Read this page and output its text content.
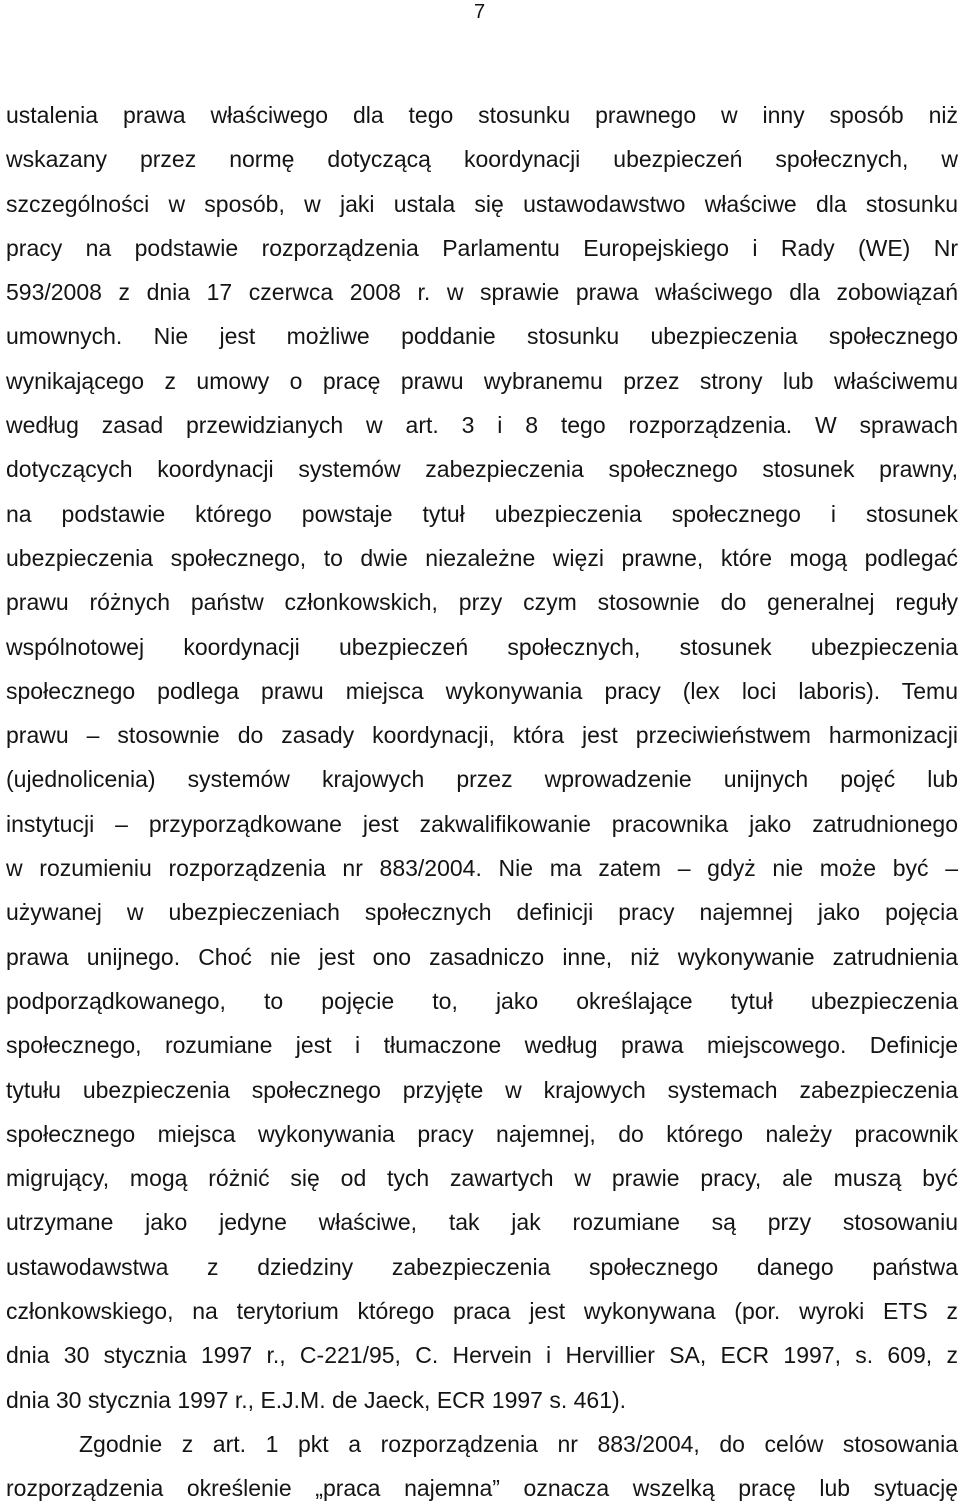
7
ustalenia prawa właściwego dla tego stosunku prawnego w inny sposób niż
wskazany przez normę dotyczącą koordynacji ubezpieczeń społecznych, w
szczególności w sposób, w jaki ustala się ustawodawstwo właściwe dla stosunku
pracy na podstawie rozporządzenia Parlamentu Europejskiego i Rady (WE) Nr
593/2008 z dnia 17 czerwca 2008 r. w sprawie prawa właściwego dla zobowiązań
umownych. Nie jest możliwe poddanie stosunku ubezpieczenia społecznego
wynikającego z umowy o pracę prawu wybranemu przez strony lub właściwemu
według zasad przewidzianych w art. 3 i 8 tego rozporządzenia. W sprawach
dotyczących koordynacji systemów zabezpieczenia społecznego stosunek prawny,
na podstawie którego powstaje tytuł ubezpieczenia społecznego i stosunek
ubezpieczenia społecznego, to dwie niezależne więzi prawne, które mogą podlegać
prawu różnych państw członkowskich, przy czym stosownie do generalnej reguły
wspólnotowej koordynacji ubezpieczeń społecznych, stosunek ubezpieczenia
społecznego podlega prawu miejsca wykonywania pracy (lex loci laboris). Temu
prawu – stosownie do zasady koordynacji, która jest przeciwieństwem harmonizacji
(ujednolicenia) systemów krajowych przez wprowadzenie unijnych pojęć lub
instytucji – przyporządkowane jest zakwalifikowanie pracownika jako zatrudnionego
w rozumieniu rozporządzenia nr 883/2004. Nie ma zatem – gdyż nie może być –
używanej w ubezpieczeniach społecznych definicji pracy najemnej jako pojęcia
prawa unijnego. Choć nie jest ono zasadniczo inne, niż wykonywanie zatrudnienia
podporządkowanego, to pojęcie to, jako określające tytuł ubezpieczenia
społecznego, rozumiane jest i tłumaczone według prawa miejscowego. Definicje
tytułu ubezpieczenia społecznego przyjęte w krajowych systemach zabezpieczenia
społecznego miejsca wykonywania pracy najemnej, do którego należy pracownik
migrujący, mogą różnić się od tych zawartych w prawie pracy, ale muszą być
utrzymane jako jedyne właściwe, tak jak rozumiane są przy stosowaniu
ustawodawstwa z dziedziny zabezpieczenia społecznego danego państwa
członkowskiego, na terytorium którego praca jest wykonywana (por. wyroki ETS z
dnia 30 stycznia 1997 r., C-221/95, C. Hervein i Hervillier SA, ECR 1997, s. 609, z
dnia 30 stycznia 1997 r., E.J.M. de Jaeck, ECR 1997 s. 461).
Zgodnie z art. 1 pkt a rozporządzenia nr 883/2004, do celów stosowania
rozporządzenia określenie „praca najemna” oznacza wszelką pracę lub sytuację
